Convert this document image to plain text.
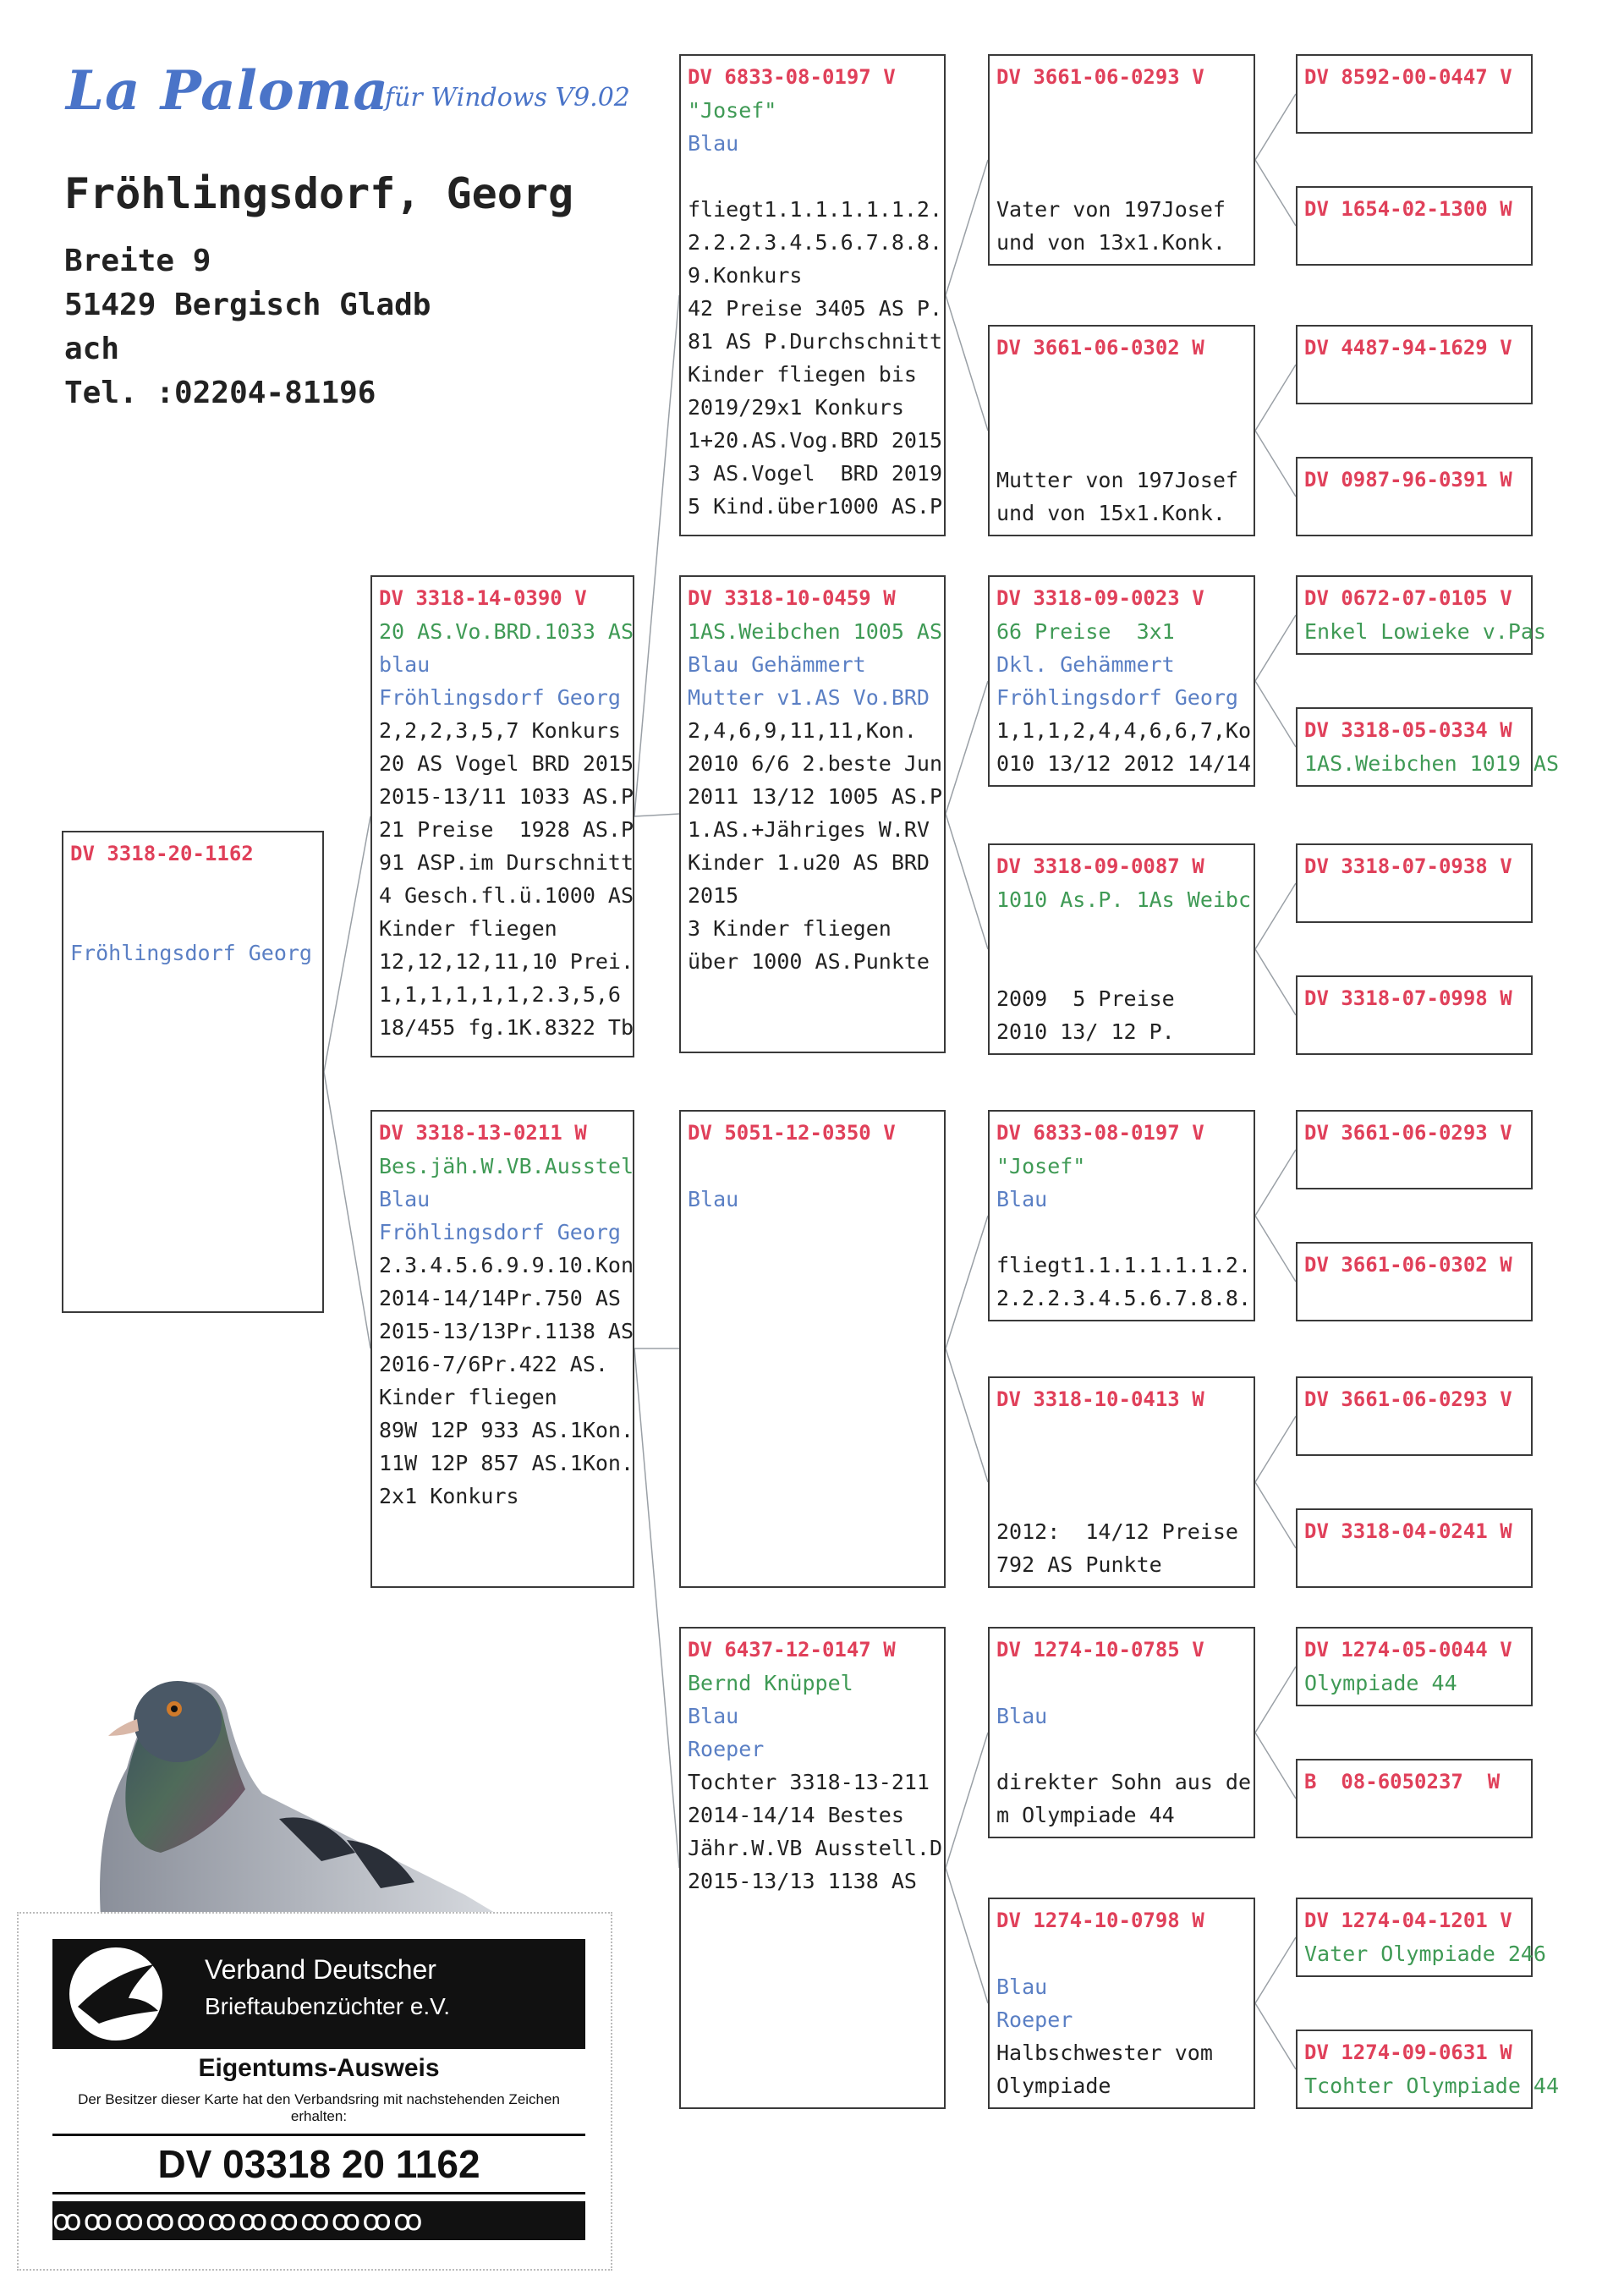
La Paloma
für Windows V9.02
Fröhlingsdorf, Georg
Breite 9
51429 Bergisch Gladb
ach
Tel. :02204-81196
DV 3318-20-1162
Fröhlingsdorf Georg
DV 3318-14-0390 V
20 AS.Vo.BRD.1033 AS
blau
Fröhlingsdorf Georg
2,2,2,3,5,7 Konkurs
20 AS Vogel BRD 2015
2015-13/11 1033 AS.P
21 Preise  1928 AS.P
91 ASP.im Durschnitt
4 Gesch.fl.ü.1000 AS
Kinder fliegen
12,12,12,11,10 Prei.
1,1,1,1,1,1,2.3,5,6
18/455 fg.1K.8322 Tb
DV 3318-13-0211 W
Bes.jäh.W.VB.Ausstel
Blau
Fröhlingsdorf Georg
2.3.4.5.6.9.9.10.Kon
2014-14/14Pr.750 AS
2015-13/13Pr.1138 AS
2016-7/6Pr.422 AS.
Kinder fliegen
89W 12P 933 AS.1Kon.
11W 12P 857 AS.1Kon.
2x1 Konkurs
DV 6833-08-0197 V
"Josef"
Blau
fliegt1.1.1.1.1.1.2.
2.2.2.3.4.5.6.7.8.8.
9.Konkurs
42 Preise 3405 AS P.
81 AS P.Durchschnitt
Kinder fliegen bis
2019/29x1 Konkurs
1+20.AS.Vog.BRD 2015
3 AS.Vogel  BRD 2019
5 Kind.über1000 AS.P
DV 3318-10-0459 W
1AS.Weibchen 1005 AS
Blau Gehämmert
Mutter v1.AS Vo.BRD
2,4,6,9,11,11,Kon.
2010 6/6 2.beste Jun
2011 13/12 1005 AS.P
1.AS.+Jähriges W.RV
Kinder 1.u20 AS BRD
2015
3 Kinder fliegen
über 1000 AS.Punkte
DV 5051-12-0350 V
Blau
DV 6437-12-0147 W
Bernd Knüppel
Blau
Roeper
Tochter 3318-13-211
2014-14/14 Bestes
Jähr.W.VB Ausstell.D
2015-13/13 1138 AS
DV 3661-06-0293 V
Vater von 197Josef
und von 13x1.Konk.
DV 3661-06-0302 W
Mutter von 197Josef
und von 15x1.Konk.
DV 3318-09-0023 V
66 Preise  3x1
Dkl. Gehämmert
Fröhlingsdorf Georg
1,1,1,2,4,4,6,6,7,Ko
010 13/12 2012 14/14
DV 3318-09-0087 W
1010 As.P. 1As Weibc
2009  5 Preise
2010 13/ 12 P.
DV 6833-08-0197 V
"Josef"
Blau
fliegt1.1.1.1.1.1.2.
2.2.2.3.4.5.6.7.8.8.
DV 3318-10-0413 W
2012:  14/12 Preise
792 AS Punkte
DV 1274-10-0785 V
Blau
direkter Sohn aus de
m Olympiade 44
DV 1274-10-0798 W
Blau
Roeper
Halbschwester vom
Olympiade
DV 8592-00-0447 V
DV 1654-02-1300 W
DV 4487-94-1629 V
DV 0987-96-0391 W
DV 0672-07-0105 V
Enkel Lowieke v.Pas
DV 3318-05-0334 W
1AS.Weibchen 1019 AS
DV 3318-07-0938 V
DV 3318-07-0998 W
DV 3661-06-0293 V
DV 3661-06-0302 W
DV 3661-06-0293 V
DV 3318-04-0241 W
DV 1274-05-0044 V
Olympiade 44
B  08-6050237  W
DV 1274-04-1201 V
Vater Olympiade 246
DV 1274-09-0631 W
Tcohter Olympiade 44
Verband Deutscher
Brieftaubenzüchter e.V.
Eigentums-Ausweis
Der Besitzer dieser Karte hat den Verbandsring mit nachstehenden Zeichen erhalten:
DV 03318 20 1162
ꝏꝏꝏꝏꝏꝏꝏꝏꝏꝏꝏꝏ
